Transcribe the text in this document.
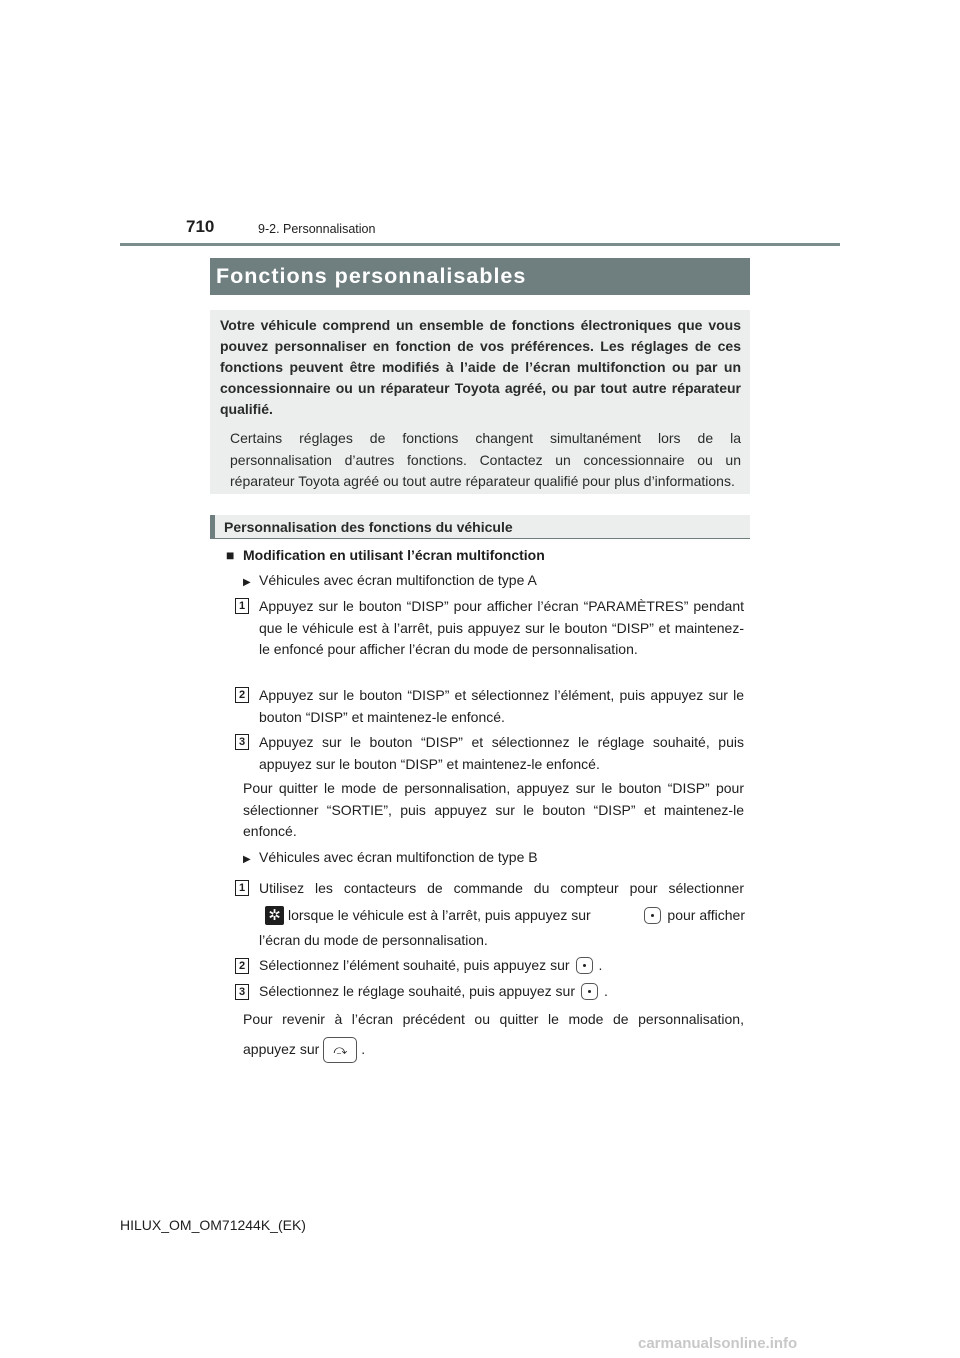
710	9-2. Personnalisation
Fonctions personnalisables

Votre véhicule comprend un ensemble de fonctions électroniques que vous pouvez personnaliser en fonction de vos préférences. Les réglages de ces fonctions peuvent être modifiés à l’aide de l’écran multifonction ou par un concessionnaire ou un réparateur Toyota agréé, ou par tout autre réparateur qualifié.

Certains réglages de fonctions changent simultanément lors de la personnalisation d’autres fonctions. Contactez un concessionnaire ou un réparateur Toyota agréé ou tout autre réparateur qualifié pour plus d’informations.

Personnalisation des fonctions du véhicule
■ Modification en utilisant l’écran multifonction
▶ Véhicules avec écran multifonction de type A
1 Appuyez sur le bouton “DISP” pour afficher l’écran “PARAMÈTRES” pendant que le véhicule est à l’arrêt, puis appuyez sur le bouton “DISP” et maintenez-le enfoncé pour afficher l’écran du mode de personnalisation.
2 Appuyez sur le bouton “DISP” et sélectionnez l’élément, puis appuyez sur le bouton “DISP” et maintenez-le enfoncé.
3 Appuyez sur le bouton “DISP” et sélectionnez le réglage souhaité, puis appuyez sur le bouton “DISP” et maintenez-le enfoncé.
Pour quitter le mode de personnalisation, appuyez sur le bouton “DISP” pour sélectionner “SORTIE”, puis appuyez sur le bouton “DISP” et maintenez-le enfoncé.
▶ Véhicules avec écran multifonction de type B
1 Utilisez les contacteurs de commande du compteur pour sélectionner
✲ lorsque le véhicule est à l’arrêt, puis appuyez sur	pour afficher
l’écran du mode de personnalisation.
2 Sélectionnez l’élément souhaité, puis appuyez sur .
3 Sélectionnez le réglage souhaité, puis appuyez sur .
Pour revenir à l’écran précédent ou quitter le mode de personnalisation,
appuyez sur	⤼	.
HILUX_OM_OM71244K_(EK)
carmanualsonline.info
